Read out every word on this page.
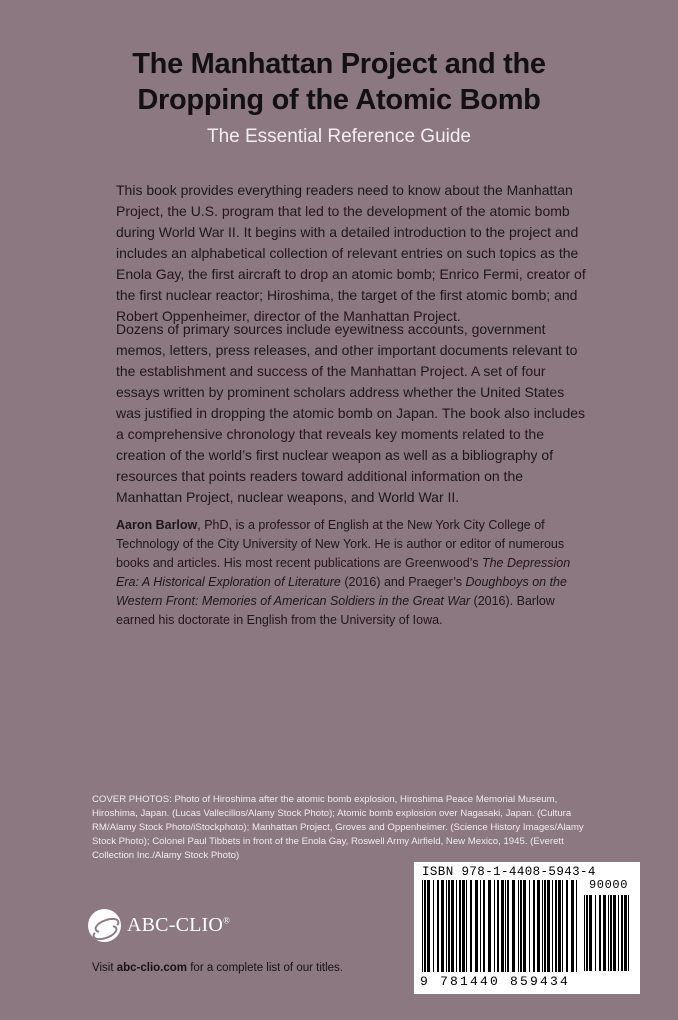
The Manhattan Project and the
Dropping of the Atomic Bomb
The Essential Reference Guide

This book provides everything readers need to know about the Manhattan Project, the U.S. program that led to the development of the atomic bomb during World War II. It begins with a detailed introduction to the project and includes an alphabetical collection of relevant entries on such topics as the Enola Gay, the first aircraft to drop an atomic bomb; Enrico Fermi, creator of the first nuclear reactor; Hiroshima, the target of the first atomic bomb; and Robert Oppenheimer, director of the Manhattan Project.

Dozens of primary sources include eyewitness accounts, government memos, letters, press releases, and other important documents relevant to the establishment and success of the Manhattan Project. A set of four essays written by prominent scholars address whether the United States was justified in dropping the atomic bomb on Japan. The book also includes a comprehensive chronology that reveals key moments related to the creation of the world’s first nuclear weapon as well as a bibliography of resources that points readers toward additional information on the Manhattan Project, nuclear weapons, and World War II.

Aaron Barlow, PhD, is a professor of English at the New York City College of Technology of the City University of New York. He is author or editor of numerous books and articles. His most recent publications are Greenwood’s The Depression Era: A Historical Exploration of Literature (2016) and Praeger’s Doughboys on the Western Front: Memories of American Soldiers in the Great War (2016). Barlow earned his doctorate in English from the University of Iowa.

COVER PHOTOS: Photo of Hiroshima after the atomic bomb explosion, Hiroshima Peace Memorial Museum, Hiroshima, Japan. (Lucas Vallecillos/Alamy Stock Photo); Atomic bomb explosion over Nagasaki, Japan. (Cultura RM/Alamy Stock Photo/iStockphoto); Manhattan Project, Groves and Oppenheimer. (Science History Images/Alamy Stock Photo); Colonel Paul Tibbets in front of the Enola Gay, Roswell Army Airfield, New Mexico, 1945. (Everett Collection Inc./Alamy Stock Photo)

ABC-CLIO®
Visit abc-clio.com for a complete list of our titles.
ISBN 978-1-4408-5943-4
90000
9 781440 859434
